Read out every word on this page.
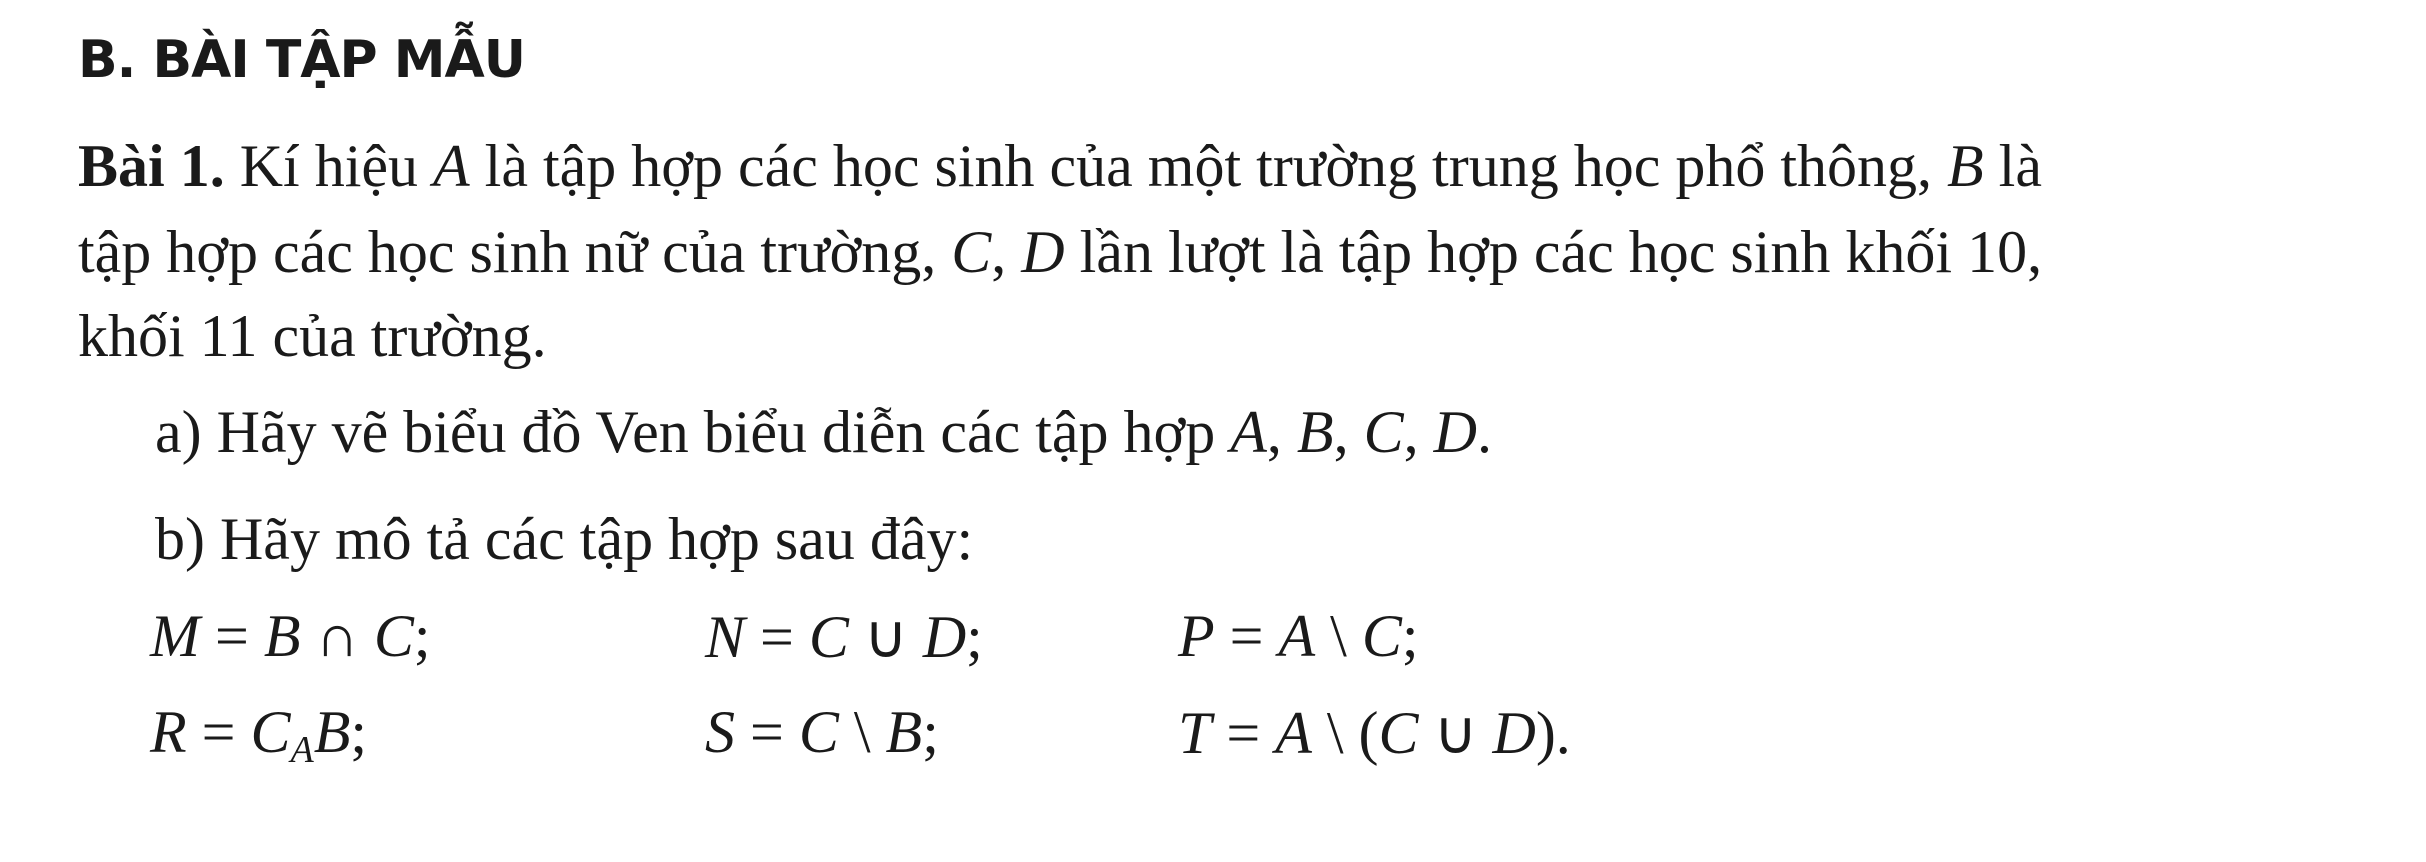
B. BÀI TẬP MẪU
Bài 1. Kí hiệu A là tập hợp các học sinh của một trường trung học phổ thông, B là
tập hợp các học sinh nữ của trường, C, D lần lượt là tập hợp các học sinh khối 10,
khối 11 của trường.
a) Hãy vẽ biểu đồ Ven biểu diễn các tập hợp A, B, C, D.
b) Hãy mô tả các tập hợp sau đây:
M = B ∩ C;	N = C ∪ D;	P = A \ C;
$R = C_AB$;	S = C \ B;	T = A \ (C ∪ D).
